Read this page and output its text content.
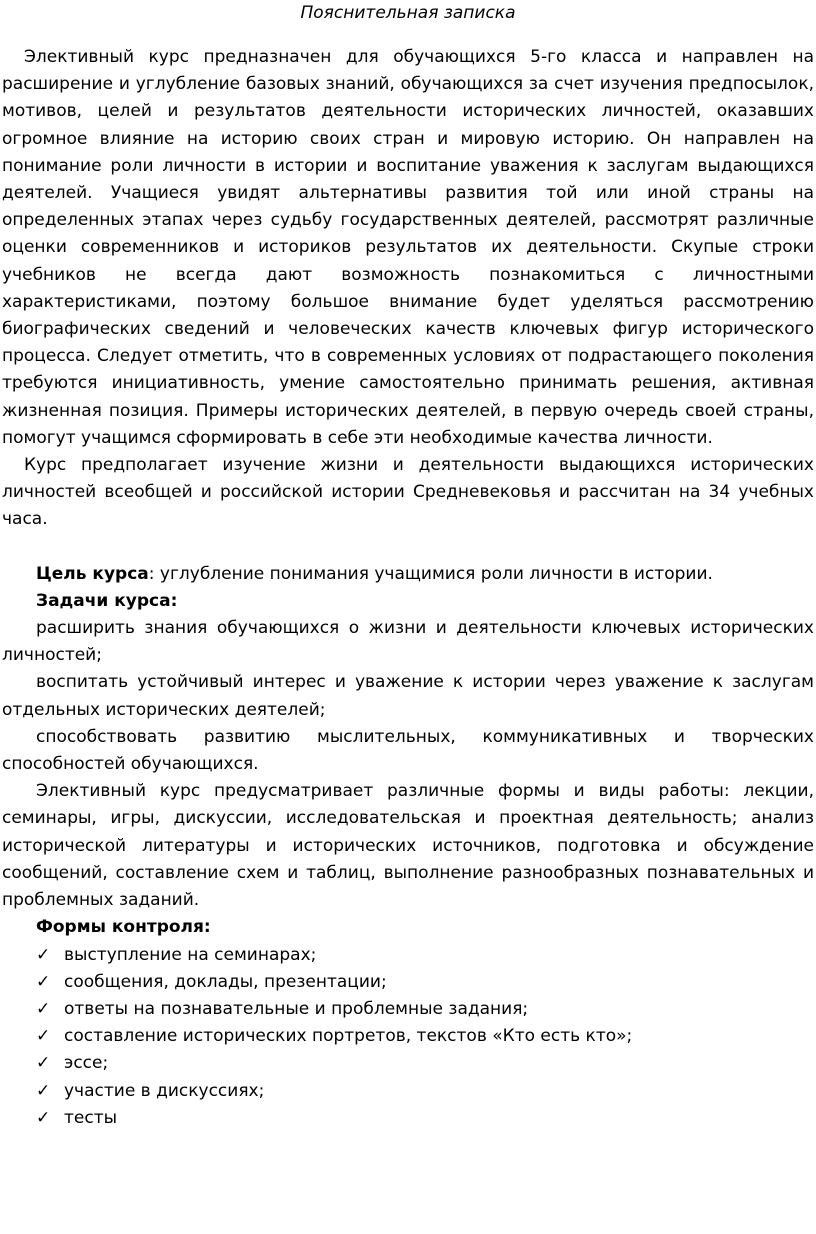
Пояснительная записка

Элективный курс предназначен для обучающихся 5-го класса и направлен на расширение и углубление базовых знаний, обучающихся за счет изучения предпосылок, мотивов, целей и результатов деятельности исторических личностей, оказавших огромное влияние на историю своих стран и мировую историю. Он направлен на понимание роли личности в истории и воспитание уважения к заслугам выдающихся деятелей. Учащиеся увидят альтернативы развития той или иной страны на определенных этапах через судьбу государственных деятелей, рассмотрят различные оценки современников и историков результатов их деятельности. Скупые строки учебников не всегда дают возможность познакомиться с личностными характеристиками, поэтому большое внимание будет уделяться рассмотрению биографических сведений и человеческих качеств ключевых фигур исторического процесса. Следует отметить, что в современных условиях от подрастающего поколения требуются инициативность, умение самостоятельно принимать решения, активная жизненная позиция. Примеры исторических деятелей, в первую очередь своей страны, помогут учащимся сформировать в себе эти необходимые качества личности.

Курс предполагает изучение жизни и деятельности выдающихся исторических личностей всеобщей и российской истории Средневековья и рассчитан на 34 учебных часа.

Цель курса: углубление понимания учащимися роли личности в истории.

Задачи курса:

расширить знания обучающихся о жизни и деятельности ключевых исторических личностей;

воспитать устойчивый интерес и уважение к истории через уважение к заслугам отдельных исторических деятелей;

способствовать развитию мыслительных, коммуникативных и творческих способностей обучающихся.

Элективный курс предусматривает различные формы и виды работы: лекции, семинары, игры, дискуссии, исследовательская и проектная деятельность; анализ исторической литературы и исторических источников, подготовка и обсуждение сообщений, составление схем и таблиц, выполнение разнообразных познавательных и проблемных заданий.

Формы контроля:

✓ выступление на семинарах;
✓ сообщения, доклады, презентации;
✓ ответы на познавательные и проблемные задания;
✓ составление исторических портретов, текстов «Кто есть кто»;
✓ эссе;
✓ участие в дискуссиях;
✓ тесты
